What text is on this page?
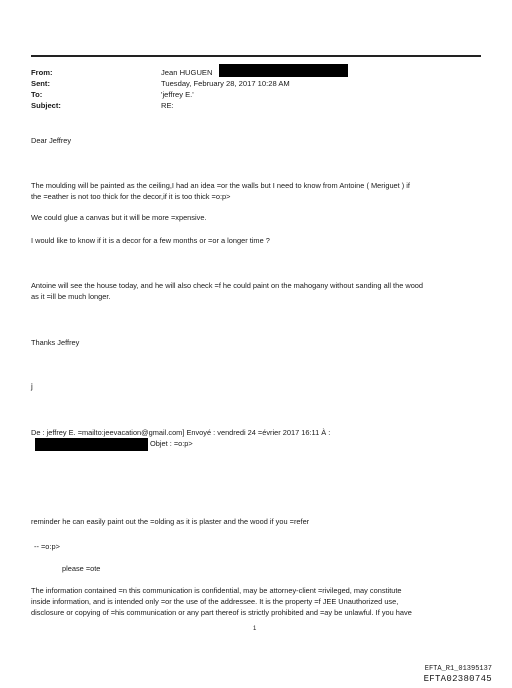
From:	Jean HUGUEN
Sent:	Tuesday, February 28, 2017 10:28 AM
To:	'jeffrey E.'
Subject:	RE:
Dear Jeffrey
The moulding will be painted as the ceiling,I had an idea =or the walls but I need to know from Antoine ( Meriguet ) if
the =eather is not too thick for the decor,if it is too thick =o:p>
We could glue a canvas but it will be more =xpensive.
I would like to know if it is a decor for a few months or =or a longer time ?
Antoine will see the house today, and he will also check =f he could paint on the mahogany without sanding all the wood
as it =ill be much longer.
Thanks Jeffrey
j
De : jeffrey E. =mailto:jeevacation@gmail.com] Envoyé : vendredi 24 =évrier 2017 16:11 À :
Objet : =o:p>
reminder he can easily paint out the =olding as it is plaster and the wood if you =refer
-- =o:p>
please =ote
The information contained =n this communication is confidential, may be attorney-client =rivileged, may constitute
inside information, and is intended only =or the use of the addressee. It is the property =f JEE Unauthorized use,
disclosure or copying of =his communication or any part thereof is strictly prohibited and =ay be unlawful. If you have
1
EFTA_R1_01395137
EFTA02380745
